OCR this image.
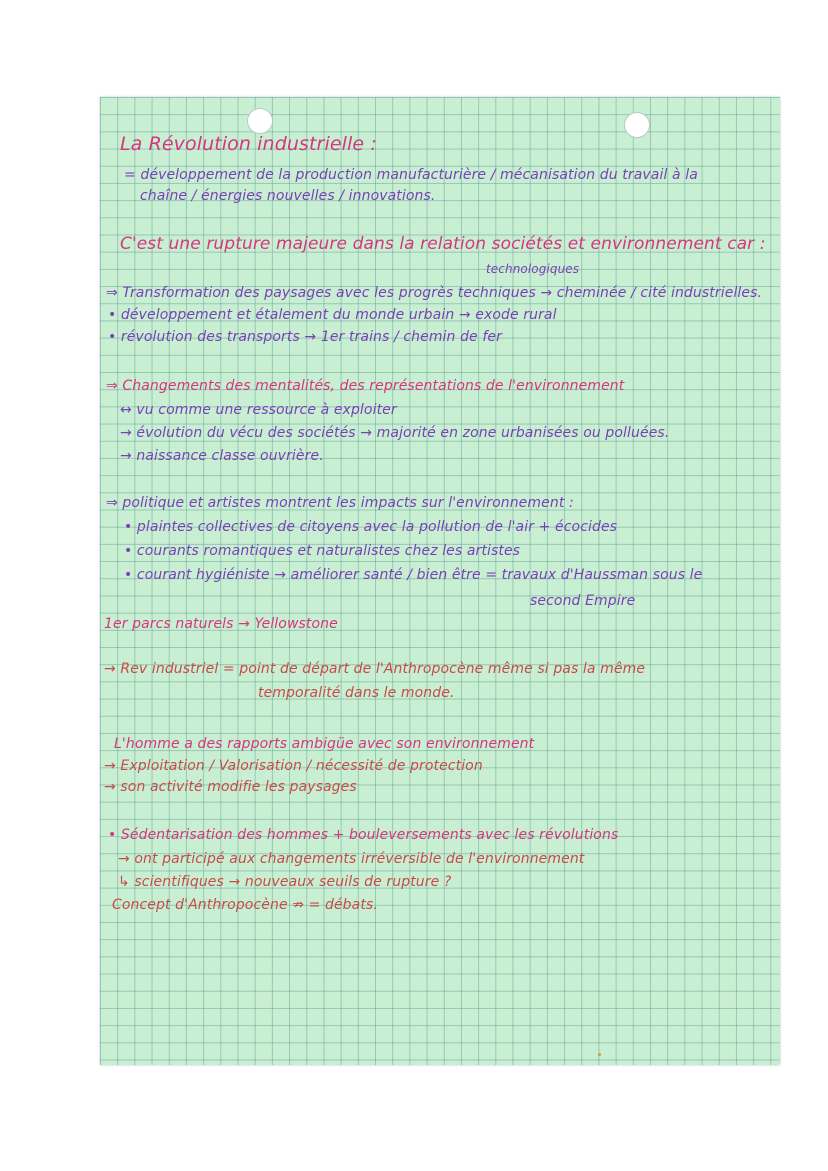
La Révolution industrielle :

= développement de la production manufacturière / mécanisation du travail à la

chaîne / énergies nouvelles / innovations.

C'est une rupture majeure dans la relation sociétés et environnement car :

technologiques

⇒ Transformation des paysages avec les progrès techniques → cheminée / cité industrielles.

• développement et étalement du monde urbain → exode rural

• révolution des transports → 1er trains / chemin de fer

⇒ Changements des mentalités, des représentations de l'environnement

↔ vu comme une ressource à exploiter

→ évolution du vécu des sociétés → majorité en zone urbanisées ou polluées.

→ naissance classe ouvrière.

⇒ politique et artistes montrent les impacts sur l'environnement :

• plaintes collectives de citoyens avec la pollution de l'air + écocides

• courants romantiques et naturalistes chez les artistes

• courant hygiéniste → améliorer santé / bien être = travaux d'Haussman sous le

second Empire

1er parcs naturels → Yellowstone

→ Rev industriel = point de départ de l'Anthropocène même si pas la même

temporalité dans le monde.

L'homme a des rapports ambigüe avec son environnement

→ Exploitation / Valorisation / nécessité de protection

→ son activité modifie les paysages

• Sédentarisation des hommes + bouleversements avec les révolutions

→ ont participé aux changements irréversible de l'environnement

↳ scientifiques → nouveaux seuils de rupture ?

Concept d'Anthropocène ⇏ = débats.
